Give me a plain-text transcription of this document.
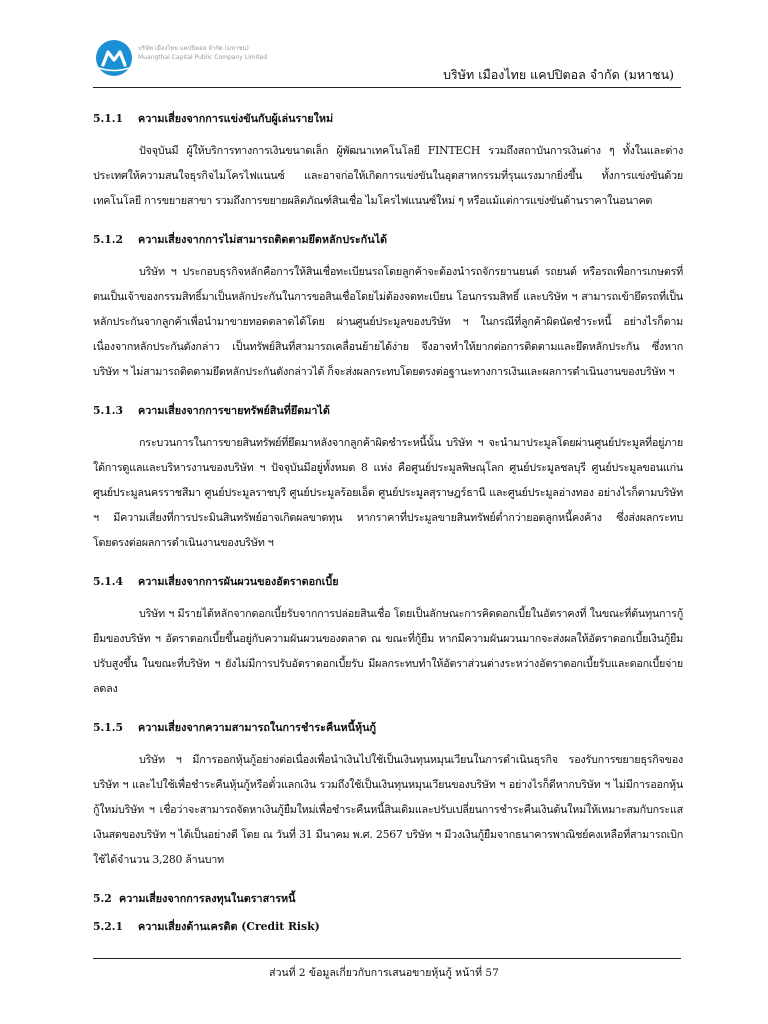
บริษัท เมืองไทย แคปปิตอล จำกัด (มหาชน)
Muangthai Capital Public Company Limited
บริษัท เมืองไทย แคปปิตอล จำกัด (มหาชน)
5.1.1	ความเสี่ยงจากการแข่งขันกับผู้เล่นรายใหม่

ปัจจุบันมี ผู้ให้บริการทางการเงินขนาดเล็ก ผู้พัฒนาเทคโนโลยี FINTECH รวมถึงสถาบันการเงินต่าง ๆ ทั้งในและต่างประเทศให้ความสนใจธุรกิจไมโครไฟแนนซ์ และอาจก่อให้เกิดการแข่งขันในอุตสาหกรรมที่รุนแรงมากยิ่งขึ้น ทั้งการแข่งขันด้วยเทคโนโลยี การขยายสาขา รวมถึงการขยายผลิตภัณฑ์สินเชื่อ ไมโครไฟแนนซ์ใหม่ ๆ หรือแม้แต่การแข่งขันด้านราคาในอนาคต

5.1.2	ความเสี่ยงจากการไม่สามารถติดตามยึดหลักประกันได้

บริษัท ฯ ประกอบธุรกิจหลักคือการให้สินเชื่อทะเบียนรถโดยลูกค้าจะต้องนำรถจักรยานยนต์ รถยนต์ หรือรถเพื่อการเกษตรที่ตนเป็นเจ้าของกรรมสิทธิ์มาเป็นหลักประกันในการขอสินเชื่อโดยไม่ต้องจดทะเบียน โอนกรรมสิทธิ์ และบริษัท ฯ สามารถเข้ายึดรถที่เป็นหลักประกันจากลูกค้าเพื่อนำมาขายทอดตลาดได้โดย ผ่านศูนย์ประมูลของบริษัท ฯ ในกรณีที่ลูกค้าผิดนัดชำระหนี้ อย่างไรก็ตามเนื่องจากหลักประกันดังกล่าว เป็นทรัพย์สินที่สามารถเคลื่อนย้ายได้ง่าย จึงอาจทำให้ยากต่อการติดตามและยึดหลักประกัน ซึ่งหาก บริษัท ฯ ไม่สามารถติดตามยึดหลักประกันดังกล่าวได้ ก็จะส่งผลกระทบโดยตรงต่อฐานะทางการเงินและผลการดำเนินงานของบริษัท ฯ

5.1.3	ความเสี่ยงจากการขายทรัพย์สินที่ยึดมาได้

กระบวนการในการขายสินทรัพย์ที่ยึดมาหลังจากลูกค้าผิดชำระหนี้นั้น บริษัท ฯ จะนำมาประมูลโดยผ่านศูนย์ประมูลที่อยู่ภายใต้การดูแลและบริหารงานของบริษัท ฯ ปัจจุบันมีอยู่ทั้งหมด 8 แห่ง คือศูนย์ประมูลพิษณุโลก ศูนย์ประมูลชลบุรี ศูนย์ประมูลขอนแก่น ศูนย์ประมูลนครราชสีมา ศูนย์ประมูลราชบุรี ศูนย์ประมูลร้อยเอ็ด ศูนย์ประมูลสุราษฎร์ธานี และศูนย์ประมูลอ่างทอง อย่างไรก็ตามบริษัท ฯ มีความเสี่ยงที่การประมินสินทรัพย์อาจเกิดผลขาดทุน หากราคาที่ประมูลขายสินทรัพย์ต่ำกว่ายอดลูกหนี้คงค้าง ซึ่งส่งผลกระทบโดยตรงต่อผลการดำเนินงานของบริษัท ฯ

5.1.4	ความเสี่ยงจากการผันผวนของอัตราดอกเบี้ย

บริษัท ฯ มีรายได้หลักจากดอกเบี้ยรับจากการปล่อยสินเชื่อ โดยเป็นลักษณะการคิดดอกเบี้ยในอัตราคงที่ ในขณะที่ต้นทุนการกู้ยืมของบริษัท ฯ อัตราดอกเบี้ยขึ้นอยู่กับความผันผวนของตลาด ณ ขณะที่กู้ยืม หากมีความผันผวนมากจะส่งผลให้อัตราดอกเบี้ยเงินกู้ยืมปรับสูงขึ้น ในขณะที่บริษัท ฯ ยังไม่มีการปรับอัตราดอกเบี้ยรับ มีผลกระทบทำให้อัตราส่วนต่างระหว่างอัตราดอกเบี้ยรับและดอกเบี้ยจ่ายลดลง

5.1.5	ความเสี่ยงจากความสามารถในการชำระคืนหนี้หุ้นกู้

บริษัท ฯ มีการออกหุ้นกู้อย่างต่อเนื่องเพื่อนำเงินไปใช้เป็นเงินทุนหมุนเวียนในการดำเนินธุรกิจ รองรับการขยายธุรกิจของบริษัท ฯ และไปใช้เพื่อชำระคืนหุ้นกู้หรือตั๋วแลกเงิน รวมถึงใช้เป็นเงินทุนหมุนเวียนของบริษัท ฯ อย่างไรก็ดีหากบริษัท ฯ ไม่มีการออกหุ้นกู้ใหม่บริษัท ฯ เชื่อว่าจะสามารถจัดหาเงินกู้ยืมใหม่เพื่อชำระคืนหนี้สินเดิมและปรับเปลี่ยนการชำระคืนเงินต้นใหม่ให้เหมาะสมกับกระแสเงินสดของบริษัท ฯ ได้เป็นอย่างดี โดย ณ วันที่ 31 มีนาคม พ.ศ. 2567 บริษัท ฯ มีวงเงินกู้ยืมจากธนาคารพาณิชย์คงเหลือที่สามารถเบิกใช้ได้จำนวน 3,280 ล้านบาท

5.2 ความเสี่ยงจากการลงทุนในตราสารหนี้
5.2.1	ความเสี่ยงด้านเครดิต (Credit Risk)
ส่วนที่ 2 ข้อมูลเกี่ยวกับการเสนอขายหุ้นกู้ หน้าที่ 57
